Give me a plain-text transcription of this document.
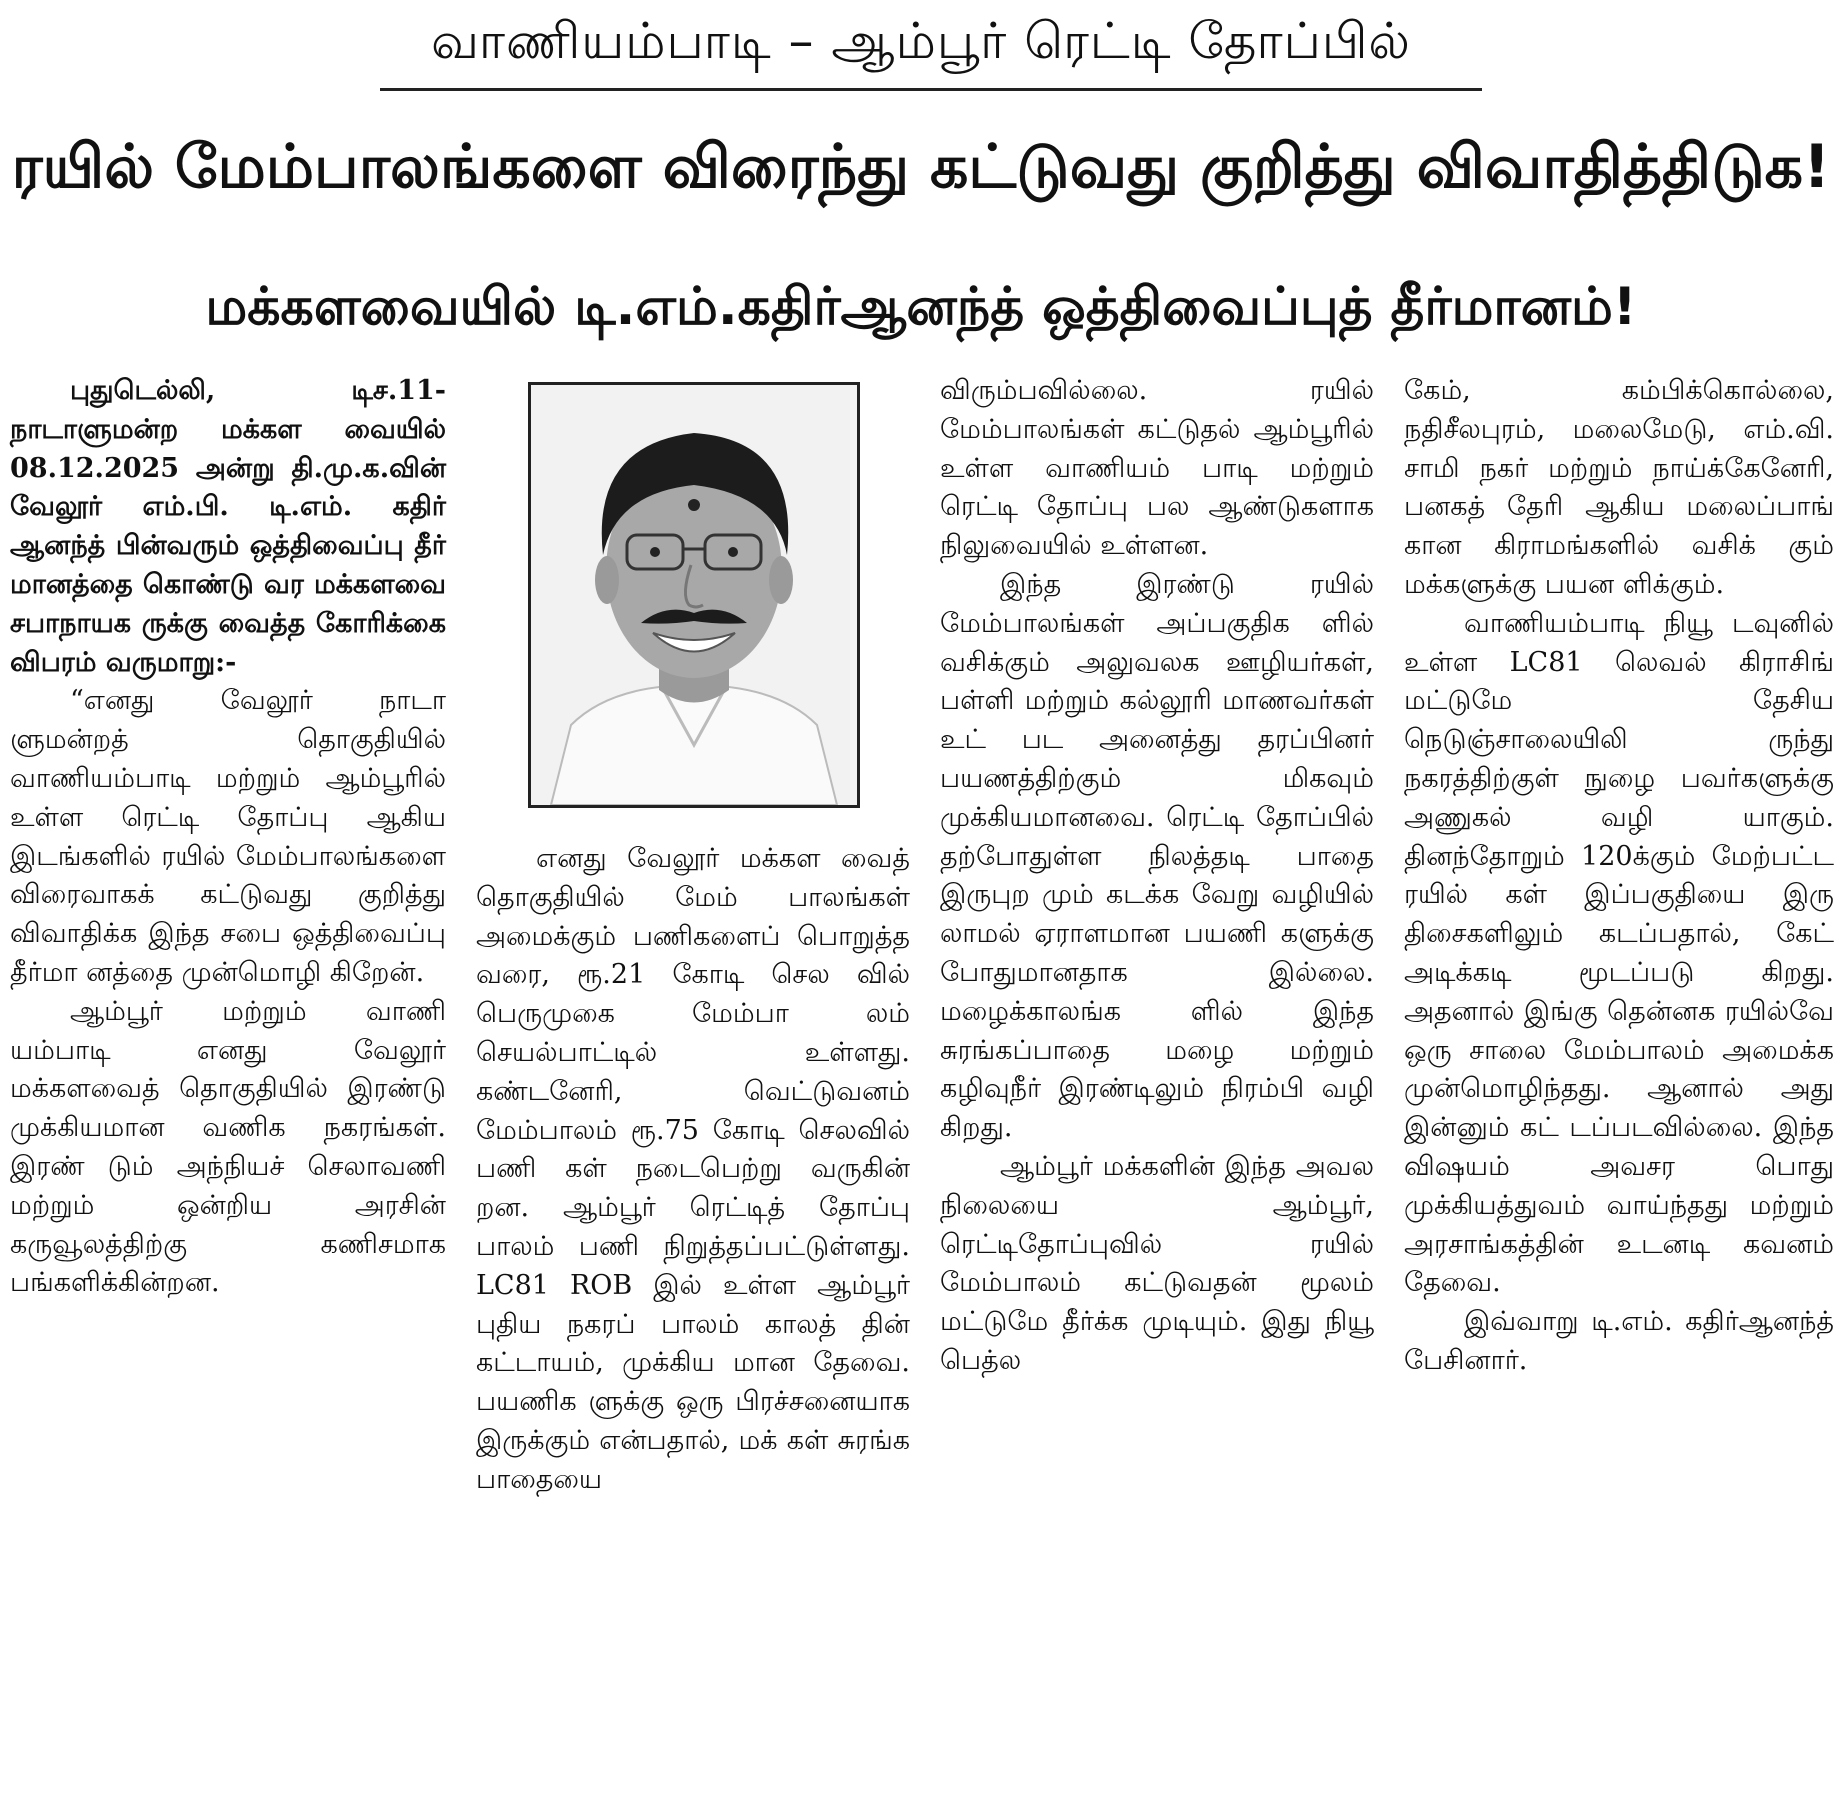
வாணியம்பாடி – ஆம்பூர் ரெட்டி தோப்பில்
ரயில் மேம்பாலங்களை விரைந்து கட்டுவது குறித்து விவாதித்திடுக!
மக்களவையில் டி.எம்.கதிர்ஆனந்த் ஒத்திவைப்புத் தீர்மானம்!

புதுடெல்லி, டிச.11- நாடாளுமன்ற மக்கள வையில் 08.12.2025 அன்று தி.மு.க.வின் வேலூர் எம்.பி. டி.எம். கதிர் ஆனந்த் பின்வரும் ஒத்திவைப்பு தீர் மானத்தை கொண்டு வர மக்களவை சபாநாயக ருக்கு வைத்த கோரிக்கை விபரம் வருமாறு:-

“எனது வேலூர் நாடா ளுமன்றத் தொகுதியில் வாணியம்பாடி மற்றும் ஆம்பூரில் உள்ள ரெட்டி தோப்பு ஆகிய இடங்களில் ரயில் மேம்பாலங்களை விரைவாகக் கட்டுவது குறித்து விவாதிக்க இந்த சபை ஒத்திவைப்பு தீர்மா னத்தை முன்மொழி கிறேன்.

ஆம்பூர் மற்றும் வாணி யம்பாடி எனது வேலூர் மக்களவைத் தொகுதியில் இரண்டு முக்கியமான வணிக நகரங்கள். இரண் டும் அந்நியச் செலாவணி மற்றும் ஒன்றிய அரசின் கருவூலத்திற்கு கணிசமாக பங்களிக்கின்றன.

எனது வேலூர் மக்கள வைத் தொகுதியில் மேம் பாலங்கள் அமைக்கும் பணிகளைப் பொறுத்த வரை, ரூ.21 கோடி செல வில் பெருமுகை மேம்பா லம் செயல்பாட்டில் உள்ளது. கண்டனேரி, வெட்டுவனம் மேம்பாலம் ரூ.75 கோடி செலவில் பணி கள் நடைபெற்று வருகின் றன. ஆம்பூர் ரெட்டித் தோப்பு பாலம் பணி நிறுத்தப்பட்டுள்ளது. LC81 ROB இல் உள்ள ஆம்பூர் புதிய நகரப் பாலம் காலத் தின் கட்டாயம், முக்கிய மான தேவை. பயணிக ளுக்கு ஒரு பிரச்சனையாக இருக்கும் என்பதால், மக் கள் சுரங்க பாதையை

விரும்பவில்லை. ரயில் மேம்பாலங்கள் கட்டுதல் ஆம்பூரில் உள்ள வாணியம் பாடி மற்றும் ரெட்டி தோப்பு பல ஆண்டுகளாக நிலுவையில் உள்ளன.

இந்த இரண்டு ரயில் மேம்பாலங்கள் அப்பகுதிக ளில் வசிக்கும் அலுவலக ஊழியர்கள், பள்ளி மற்றும் கல்லூரி மாணவர்கள் உட் பட அனைத்து தரப்பினர் பயணத்திற்கும் மிகவும் முக்கியமானவை. ரெட்டி தோப்பில் தற்போதுள்ள நிலத்தடி பாதை இருபுற மும் கடக்க வேறு வழியில் லாமல் ஏராளமான பயணி களுக்கு போதுமானதாக இல்லை. மழைக்காலங்க ளில் இந்த சுரங்கப்பாதை மழை மற்றும் கழிவுநீர் இரண்டிலும் நிரம்பி வழி கிறது.

ஆம்பூர் மக்களின் இந்த அவல நிலையை ஆம்பூர், ரெட்டிதோப்புவில் ரயில் மேம்பாலம் கட்டுவதன் மூலம் மட்டுமே தீர்க்க முடியும். இது நியூ பெத்ல

கேம், கம்பிக்கொல்லை, நதிசீலபுரம், மலைமேடு, எம்.வி. சாமி நகர் மற்றும் நாய்க்கேனேரி, பனகத் தேரி ஆகிய மலைப்பாங் கான கிராமங்களில் வசிக் கும் மக்களுக்கு பயன ளிக்கும்.

வாணியம்பாடி நியூ டவுனில் உள்ள LC81 லெவல் கிராசிங் மட்டுமே தேசிய நெடுஞ்சாலையிலி ருந்து நகரத்திற்குள் நுழை பவர்களுக்கு அணுகல் வழி யாகும். தினந்தோறும் 120க்கும் மேற்பட்ட ரயில் கள் இப்பகுதியை இரு திசைகளிலும் கடப்பதால், கேட் அடிக்கடி மூடப்படு கிறது. அதனால் இங்கு தென்னக ரயில்வே ஒரு சாலை மேம்பாலம் அமைக்க முன்மொழிந்தது. ஆனால் அது இன்னும் கட் டப்படவில்லை. இந்த விஷயம் அவசர பொது முக்கியத்துவம் வாய்ந்தது மற்றும் அரசாங்கத்தின் உடனடி கவனம் தேவை.

இவ்வாறு டி.எம். கதிர்ஆனந்த் பேசினார்.
